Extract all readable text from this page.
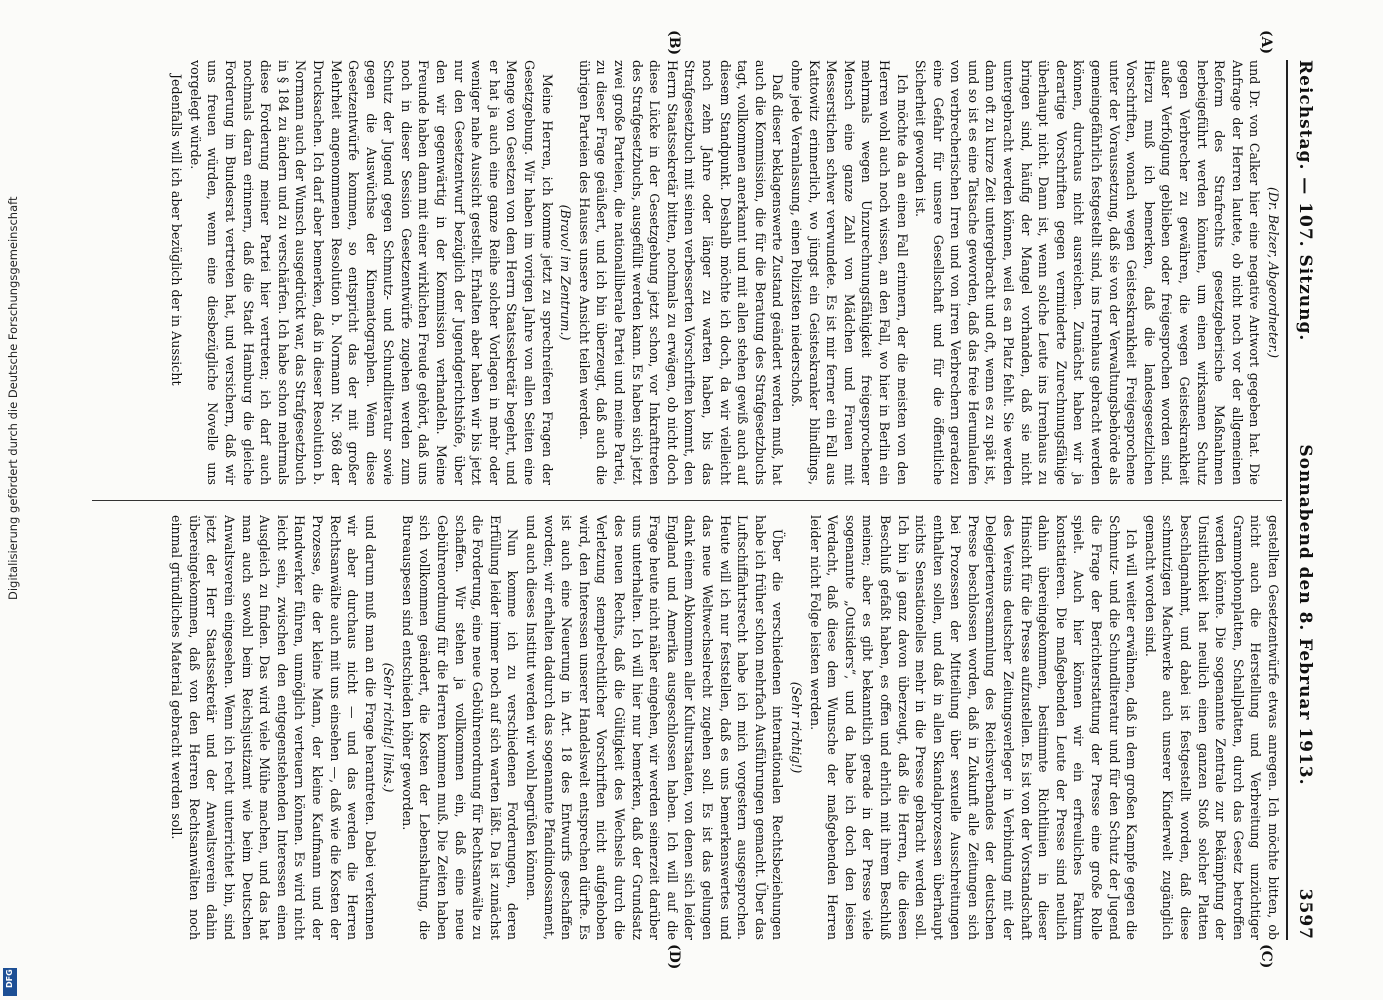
Reichstag. — 107. Sitzung.
Sonnabend den 8. Februar 1913.
3597
(A)
(B)
(C)
(D)

(Dr. Belzer, Abgeordneter.)

und Dr. von Calker hier eine negative Antwort gegeben hat. Die Anfrage der Herren lautete, ob nicht noch vor der allgemeinen Reform des Strafrechts gesetzgeberische Maßnahmen herbeigeführt werden könnten, um einen wirksamen Schutz gegen Verbrecher zu gewähren, die wegen Geisteskrankheit außer Verfolgung geblieben oder freigesprochen worden sind. Hierzu muß ich bemerken, daß die landesgesetzlichen Vorschriften, wonach wegen Geisteskrankheit Freigesprochene unter der Voraussetzung, daß sie von der Verwaltungsbehörde als gemeingefährlich festgestellt sind, ins Irrenhaus gebracht werden können, durchaus nicht ausreichen. Zunächst haben wir ja derartige Vorschriften gegen verminderte Zurechnungsfähige überhaupt nicht. Dann ist, wenn solche Leute ins Irrenhaus zu bringen sind, häufig der Mangel vorhanden, daß sie nicht untergebracht werden können, weil es an Platz fehlt. Sie werden dann oft zu kurze Zeit untergebracht und oft, wenn es zu spät ist, und so ist es eine Tatsache geworden, daß das freie Herumlaufen von verbrecherischen Irren und von irren Verbrechern geradezu eine Gefahr für unsere Gesellschaft und für die öffentliche Sicherheit geworden ist.

Ich möchte da an einen Fall erinnern, der die meisten von den Herren wohl auch noch wissen, an den Fall, wo hier in Berlin ein mehrmals wegen Unzurechnungsfähigkeit freigesprochener Mensch eine ganze Zahl von Mädchen und Frauen mit Messerstichen schwer verwundete. Es ist mir ferner ein Fall aus Kattowitz erinnerlich, wo jüngst ein Geisteskranker blindlings, ohne jede Veranlassung, einen Polizisten niederschoß.

Daß dieser beklagenswerte Zustand geändert werden muß, hat auch die Kommission, die für die Beratung des Strafgesetzbuchs tagt, vollkommen anerkannt und mit allen stehen gewiß auch auf diesem Standpunkt. Deshalb möchte ich doch, da wir vielleicht noch zehn Jahre oder länger zu warten haben, bis das Strafgesetzbuch mit seinen verbesserten Vorschriften kommt, den Herrn Staatssekretär bitten, nochmals zu erwägen, ob nicht doch diese Lücke in der Gesetzgebung jetzt schon, vor Inkrafttreten des Strafgesetzbuchs, ausgefüllt werden kann. Es haben sich jetzt zwei große Parteien, die nationalliberale Partei und meine Partei, zu dieser Frage geäußert, und ich bin überzeugt, daß auch die übrigen Parteien des Hauses unsere Ansicht teilen werden.

(Bravo! im Zentrum.)

Meine Herren, ich komme jetzt zu sprechreiferen Fragen der Gesetzgebung. Wir haben im vorigen Jahre von allen Seiten eine Menge von Gesetzen von dem Herrn Staatssekretär begehrt, und er hat ja auch eine ganze Reihe solcher Vorlagen in mehr oder weniger nahe Aussicht gestellt. Erhalten aber haben wir bis jetzt nur den Gesetzentwurf bezüglich der Jugendgerichtshöfe, über den wir gegenwärtig in der Kommission verhandeln. Meine Freunde haben dann mit einer wirklichen Freude gehört, daß uns noch in dieser Session Gesetzentwürfe zugehen werden zum Schutz der Jugend gegen Schmutz- und Schundliteratur sowie gegen die Auswüchse der Kinematographen. Wenn diese Gesetzentwürfe kommen, so entspricht das der mit großer Mehrheit angenommenen Resolution b. Normann Nr. 368 der Drucksachen. Ich darf aber bemerken, daß in dieser Resolution b. Normann auch der Wunsch ausgedrückt war, das Strafgesetzbuch in § 184 zu ändern und zu verschärfen. Ich habe schon mehrmals diese Forderung meiner Partei hier vertreten; ich darf auch nochmals daran erinnern, daß die Stadt Hamburg die gleiche Forderung im Bundesrat vertreten hat, und versichern, daß wir uns freuen würden, wenn eine diesbezügliche Novelle uns vorgelegt würde.

Jedenfalls will ich aber bezüglich der in Aussicht

gestellten Gesetzentwürfe etwas anregen. Ich möchte bitten, ob nicht auch die Herstellung und Verbreitung unzüchtiger Grammophonplatten, Schallplatten, durch das Gesetz betroffen werden könnte. Die sogenannte Zentrale zur Bekämpfung der Unsittlichkeit hat neulich einen ganzen Stoß solcher Platten beschlagnahmt, und dabei ist festgestellt worden, daß diese schmutzigen Machwerke auch unserer Kinderwelt zugänglich gemacht worden sind.

Ich will weiter erwähnen, daß in dem großen Kampfe gegen die Schmutz- und die Schundliteratur und für den Schutz der Jugend die Frage der Berichterstattung der Presse eine große Rolle spielt. Auch hier können wir ein erfreuliches Faktum konstatieren. Die maßgebenden Leute der Presse sind neulich dahin übereingekommen, bestimmte Richtlinien in dieser Hinsicht für die Presse aufzustellen. Es ist von der Vorstandschaft des Vereins deutscher Zeitungsverleger in Verbindung mit der Delegiertenversammlung des Reichsverbandes der deutschen Presse beschlossen worden, daß in Zukunft alle Zeitungen sich bei Prozessen der Mitteilung über sexuelle Ausschreitungen enthalten sollen, und daß in allen Skandalprozessen überhaupt nichts Sensationelles mehr in die Presse gebracht werden soll. Ich bin ja ganz davon überzeugt, daß die Herren, die diesen Beschluß gefaßt haben, es offen und ehrlich mit ihrem Beschluß meinen; aber es gibt bekanntlich gerade in der Presse viele sogenannte „Outsiders“, und da habe ich doch den leisen Verdacht, daß diese dem Wunsche der maßgebenden Herren leider nicht Folge leisten werden.

(Sehr richtig!)

Über die verschiedenen internationalen Rechtsbeziehungen habe ich früher schon mehrfach Ausführungen gemacht. Über das Luftschiffahrtsrecht habe ich mich vorgestern ausgesprochen. Heute will ich nur feststellen, daß es uns bemerkenswertes und das neue Weltwechselrecht zugehen soll. Es ist das gelungen dank einem Abkommen aller Kulturstaaten, von denen sich leider England und Amerika ausgeschlossen haben. Ich will auf die Frage heute nicht näher eingehen, wir werden seinerzeit darüber uns unterhalten. Ich will hier nur bemerken, daß der Grundsatz des neuen Rechts, daß die Gültigkeit des Wechsels durch die Verletzung stempelrechtlicher Vorschriften nicht aufgehoben wird, den Interessen unserer Handelswelt entsprechen dürfte. Es ist auch eine Neuerung in Art. 18 des Entwurfs geschaffen worden; wir erhalten dadurch das sogenannte Pfandindossament, und auch dieses Institut werden wir wohl begrüßen können.

Nun komme ich zu verschiedenen Forderungen, deren Erfüllung leider immer noch auf sich warten läßt. Da ist zunächst die Forderung, eine neue Gebührenordnung für Rechtsanwälte zu schaffen. Wir stehen ja vollkommen ein, daß eine neue Gebührenordnung für die Herren kommen muß. Die Zeiten haben sich vollkommen geändert, die Kosten der Lebenshaltung, die Bureauspesen sind entschieden höher geworden.

(Sehr richtig! links.)

und darum muß man an die Frage herantreten. Dabei verkennen wir aber durchaus nicht — und das werden die Herren Rechtsanwälte auch mit uns einsehen —, daß wie die Kosten der Prozesse, die der kleine Mann, der kleine Kaufmann und der Handwerker führen, unmöglich verteuern können. Es wird nicht leicht sein, zwischen den entgegenstehenden Interessen einen Ausgleich zu finden. Das wird viele Mühe machen, und das hat man auch sowohl beim Reichsjustizamt wie beim Deutschen Anwaltsverein eingesehen. Wenn ich recht unterrichtet bin, sind jetzt der Herr Staatssekretär und der Anwaltsverein dahin übereingekommen, daß von den Herren Rechtsanwälten noch einmal gründliches Material gebracht werden soll.

Digitalisierung gefördert durch die Deutsche Forschungsgemeinschaft
DFG
